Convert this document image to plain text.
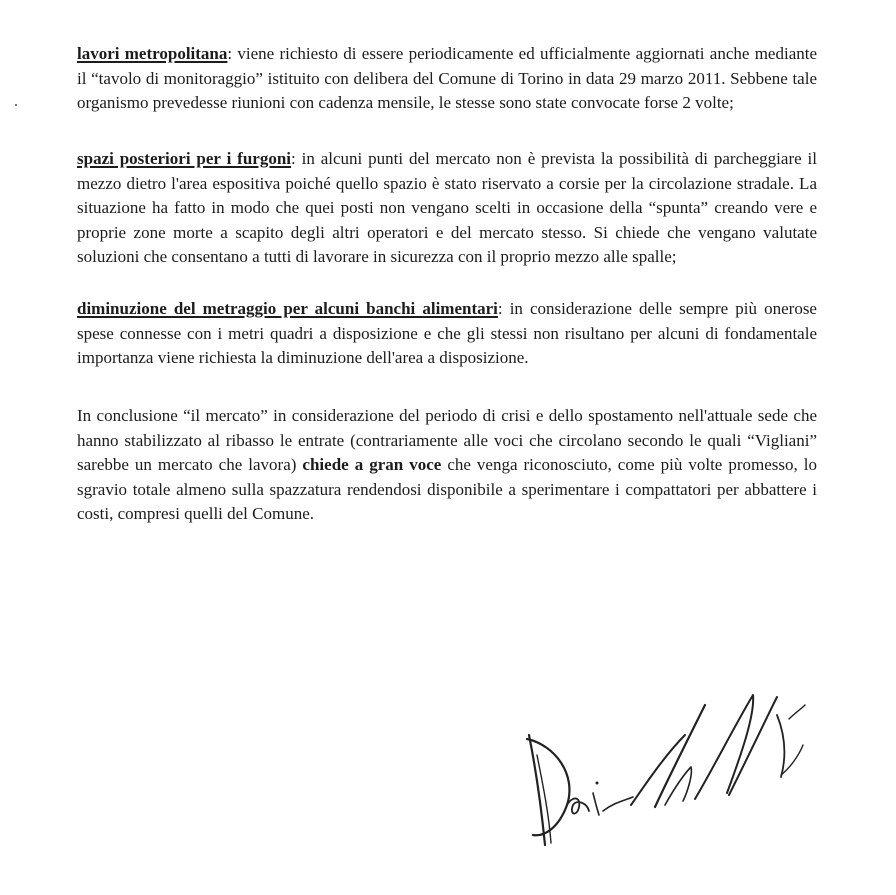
lavori metropolitana: viene richiesto di essere periodicamente ed ufficialmente aggiornati anche mediante il “tavolo di monitoraggio” istituito con delibera del Comune di Torino in data 29 marzo 2011. Sebbene tale organismo prevedesse riunioni con cadenza mensile, le stesse sono state convocate forse 2 volte;

spazi posteriori per i furgoni: in alcuni punti del mercato non è prevista la possibilità di parcheggiare il mezzo dietro l'area espositiva poiché quello spazio è stato riservato a corsie per la circolazione stradale. La situazione ha fatto in modo che quei posti non vengano scelti in occasione della “spunta” creando vere e proprie zone morte a scapito degli altri operatori e del mercato stesso. Si chiede che vengano valutate soluzioni che consentano a tutti di lavorare in sicurezza con il proprio mezzo alle spalle;

diminuzione del metraggio per alcuni banchi alimentari: in considerazione delle sempre più onerose spese connesse con i metri quadri a disposizione e che gli stessi non risultano per alcuni di fondamentale importanza viene richiesta la diminuzione dell'area a disposizione.

In conclusione “il mercato” in considerazione del periodo di crisi e dello spostamento nell'attuale sede che hanno stabilizzato al ribasso le entrate (contrariamente alle voci che circolano secondo le quali “Vigliani” sarebbe un mercato che lavora) chiede a gran voce che venga riconosciuto, come più volte promesso, lo sgravio totale almeno sulla spazzatura rendendosi disponibile a sperimentare i compattatori per abbattere i costi, compresi quelli del Comune.
